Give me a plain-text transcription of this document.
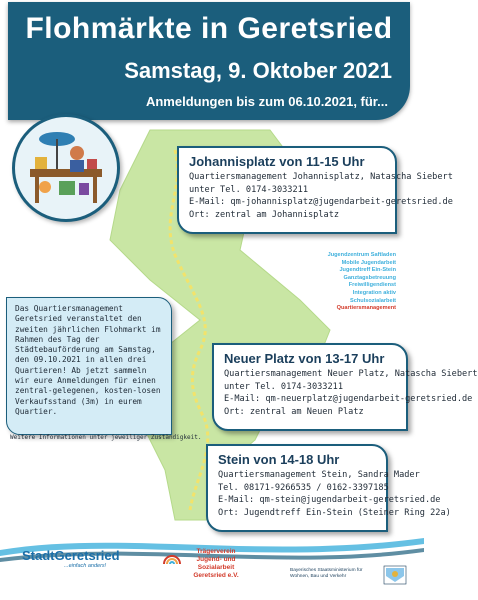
Flohmärkte in Geretsried
Samstag, 9. Oktober 2021
Anmeldungen bis zum 06.10.2021, für...
Johannisplatz von 11-15 Uhr
Quartiersmanagement Johannisplatz, Natascha Siebert
unter Tel. 0174-3033211
E-Mail: qm-johannisplatz@jugendarbeit-geretsried.de
Ort: zentral am Johannisplatz
Jugendzentrum Saftladen
Mobile Jugendarbeit
Jugendtreff Ein-Stein
Ganztagsbetreuung
Freiwilligendienst
Integration aktiv
Schulsozialarbeit
Quartiersmanagement
Das Quartiersmanagement Geretsried veranstaltet den zweiten jährlichen Flohmarkt im Rahmen des Tag der Städtebauförderung am Samstag, den 09.10.2021 in allen drei Quartieren! Ab jetzt sammeln wir eure Anmeldungen für einen zentral-gelegenen, kosten-losen Verkaufsstand (3m) in eurem Quartier.
Weitere Informationen unter jeweiliger Zuständigkeit.
Neuer Platz von 13-17 Uhr
Quartiersmanagement Neuer Platz, Natascha Siebert
unter Tel. 0174-3033211
E-Mail: qm-neuerplatz@jugendarbeit-geretsried.de
Ort: zentral am Neuen Platz
Stein von 14-18 Uhr
Quartiersmanagement Stein, Sandra Mader
Tel. 08171-9266535 / 0162-3397185
E-Mail: qm-stein@jugendarbeit-geretsried.de
Ort: Jugendtreff Ein-Stein (Steiner Ring 22a)
StadtGeretsried
...einfach anders!
Trägerverein
Jugend- und Sozialarbeit
Geretsried e.V.
Bayerisches Staatsministerium für Wohnen, Bau und Verkehr
